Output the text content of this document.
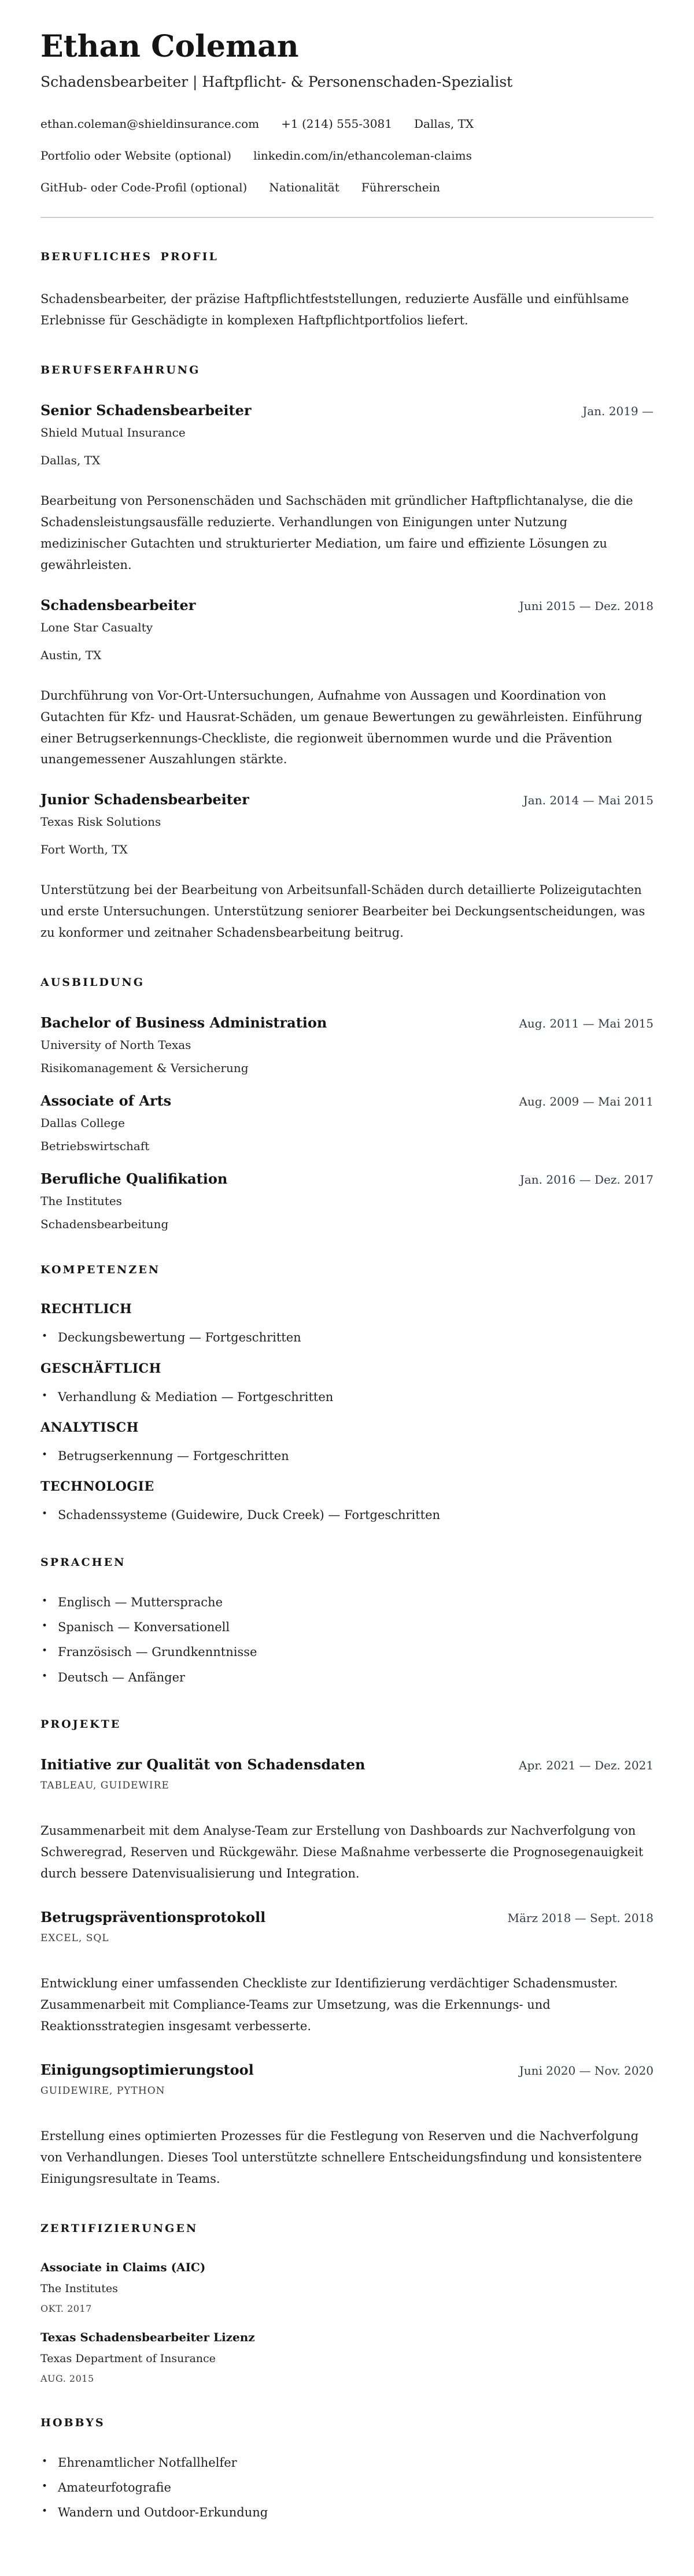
Ethan Coleman

Schadensbearbeiter | Haftpflicht- & Personenschaden-Spezialist

ethan.coleman@shieldinsurance.com +1 (214) 555-3081 Dallas, TX
Portfolio oder Website (optional) linkedin.com/in/ethancoleman-claims
GitHub- oder Code-Profil (optional) Nationalität Führerschein
BERUFLICHES PROFIL

Schadensbearbeiter, der präzise Haftpflichtfeststellungen, reduzierte Ausfälle und einfühlsame Erlebnisse für Geschädigte in komplexen Haftpflichtportfolios liefert.

BERUFSERFAHRUNG
Senior Schadensbearbeiter	Jan. 2019 —

Shield Mutual Insurance

Dallas, TX

Bearbeitung von Personenschäden und Sachschäden mit gründlicher Haftpflichtanalyse, die die Schadensleistungsausfälle reduzierte. Verhandlungen von Einigungen unter Nutzung medizinischer Gutachten und strukturierter Mediation, um faire und effiziente Lösungen zu gewährleisten.

Schadensbearbeiter	Juni 2015 — Dez. 2018

Lone Star Casualty

Austin, TX

Durchführung von Vor-Ort-Untersuchungen, Aufnahme von Aussagen und Koordination von Gutachten für Kfz- und Hausrat-Schäden, um genaue Bewertungen zu gewährleisten. Einführung einer Betrugserkennungs-Checkliste, die regionweit übernommen wurde und die Prävention unangemessener Auszahlungen stärkte.

Junior Schadensbearbeiter	Jan. 2014 — Mai 2015

Texas Risk Solutions

Fort Worth, TX

Unterstützung bei der Bearbeitung von Arbeitsunfall-Schäden durch detaillierte Polizeigutachten und erste Untersuchungen. Unterstützung seniorer Bearbeiter bei Deckungsentscheidungen, was zu konformer und zeitnaher Schadensbearbeitung beitrug.

AUSBILDUNG
Bachelor of Business Administration	Aug. 2011 — Mai 2015

University of North Texas

Risikomanagement & Versicherung

Associate of Arts	Aug. 2009 — Mai 2011

Dallas College

Betriebswirtschaft

Berufliche Qualifikation	Jan. 2016 — Dez. 2017

The Institutes

Schadensbearbeitung

KOMPETENZEN
RECHTLICH
• Deckungsbewertung — Fortgeschritten
GESCHÄFTLICH
• Verhandlung & Mediation — Fortgeschritten
ANALYTISCH
• Betrugserkennung — Fortgeschritten
TECHNOLOGIE
• Schadenssysteme (Guidewire, Duck Creek) — Fortgeschritten
SPRACHEN
• Englisch — Muttersprache
• Spanisch — Konversationell
• Französisch — Grundkenntnisse
• Deutsch — Anfänger
PROJEKTE
Initiative zur Qualität von Schadensdaten	Apr. 2021 — Dez. 2021

TABLEAU, GUIDEWIRE

Zusammenarbeit mit dem Analyse-Team zur Erstellung von Dashboards zur Nachverfolgung von Schweregrad, Reserven und Rückgewähr. Diese Maßnahme verbesserte die Prognosegenauigkeit durch bessere Datenvisualisierung und Integration.

Betrugspräventionsprotokoll	März 2018 — Sept. 2018

EXCEL, SQL

Entwicklung einer umfassenden Checkliste zur Identifizierung verdächtiger Schadensmuster. Zusammenarbeit mit Compliance-Teams zur Umsetzung, was die Erkennungs- und Reaktionsstrategien insgesamt verbesserte.

Einigungsoptimierungstool	Juni 2020 — Nov. 2020

GUIDEWIRE, PYTHON

Erstellung eines optimierten Prozesses für die Festlegung von Reserven und die Nachverfolgung von Verhandlungen. Dieses Tool unterstützte schnellere Entscheidungsfindung und konsistentere Einigungsresultate in Teams.

ZERTIFIZIERUNGEN

Associate in Claims (AIC)

The Institutes

OKT. 2017

Texas Schadensbearbeiter Lizenz

Texas Department of Insurance

AUG. 2015

HOBBYS
• Ehrenamtlicher Notfallhelfer
• Amateurfotografie
• Wandern und Outdoor-Erkundung
